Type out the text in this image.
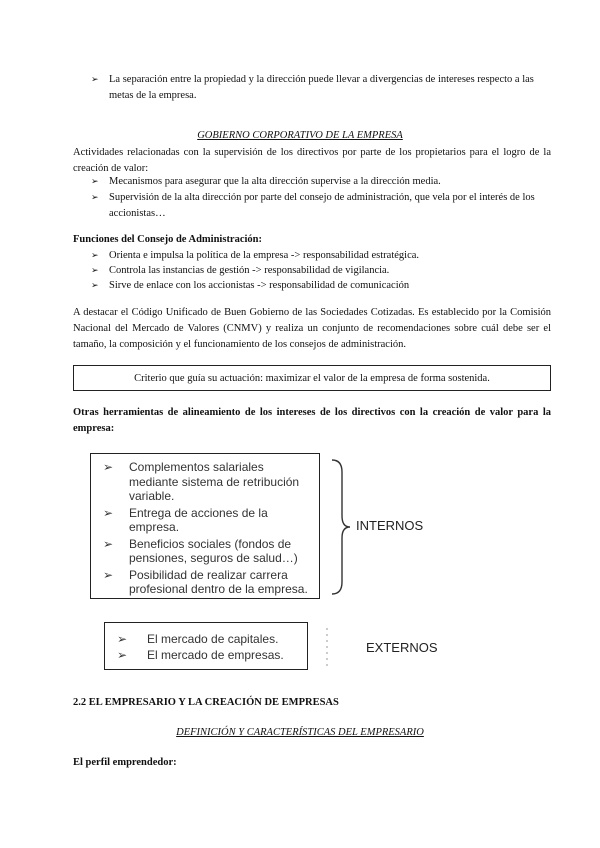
➢ La separación entre la propiedad y la dirección puede llevar a divergencias de intereses respecto a las metas de la empresa.
GOBIERNO CORPORATIVO DE LA EMPRESA
Actividades relacionadas con la supervisión de los directivos por parte de los propietarios para el logro de la creación de valor:
➢ Mecanismos para asegurar que la alta dirección supervise a la dirección media.
➢ Supervisión de la alta dirección por parte del consejo de administración, que vela por el interés de los accionistas…
Funciones del Consejo de Administración:
➢ Orienta e impulsa la política de la empresa -> responsabilidad estratégica.
➢ Controla las instancias de gestión -> responsabilidad de vigilancia.
➢ Sirve de enlace con los accionistas -> responsabilidad de comunicación
A destacar el Código Unificado de Buen Gobierno de las Sociedades Cotizadas. Es establecido por la Comisión Nacional del Mercado de Valores (CNMV) y realiza un conjunto de recomendaciones sobre cuál debe ser el tamaño, la composición y el funcionamiento de los consejos de administración.
Criterio que guía su actuación: maximizar el valor de la empresa de forma sostenida.
Otras herramientas de alineamiento de los intereses de los directivos con la creación de valor para la empresa:
➢	Complementos salariales mediante sistema de retribución variable.
➢	Entrega de acciones de la empresa.
➢	Beneficios sociales (fondos de pensiones, seguros de salud…)
➢	Posibilidad de realizar carrera profesional dentro de la empresa.
INTERNOS
➢	El mercado de capitales.
➢	El mercado de empresas.	EXTERNOS
2.2 EL EMPRESARIO Y LA CREACIÓN DE EMPRESAS
DEFINICIÓN Y CARACTERÍSTICAS DEL EMPRESARIO
El perfil emprendedor:
